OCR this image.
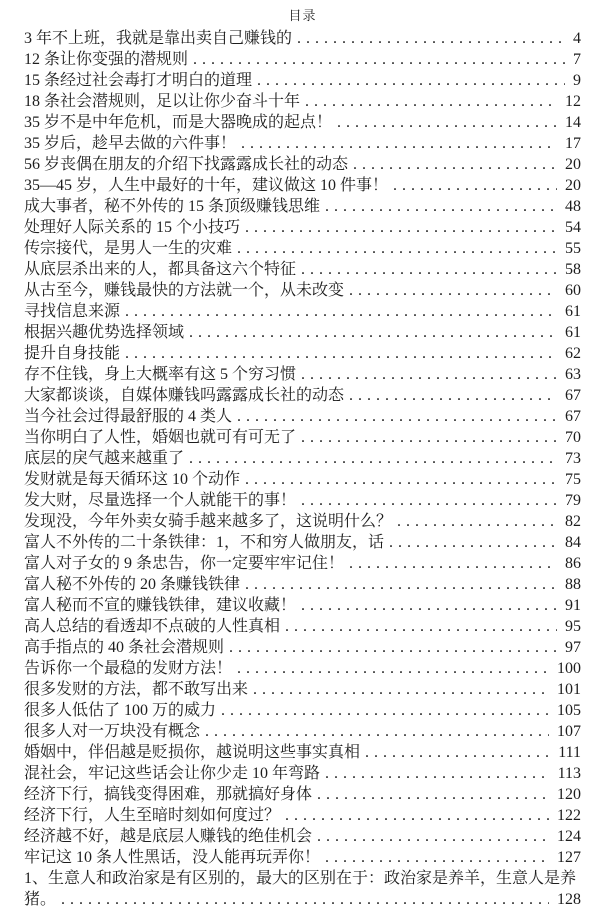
目录

3 年不上班，我就是靠出卖自己赚钱的 . . .	4

12 条让你变强的潜规则 . . .	7

15 条经过社会毒打才明白的道理 . . .	9

18 条社会潜规则，足以让你少奋斗十年 . . .	12

35 岁不是中年危机，而是大器晚成的起点！ . . .	14

35 岁后，趁早去做的六件事！ . . .	17

56 岁丧偶在朋友的介绍下找露露成长社的动态 . . .	20

35—45 岁，人生中最好的十年，建议做这 10 件事！ . . .	20

成大事者，秘不外传的 15 条顶级赚钱思维 . . .	48

处理好人际关系的 15 个小技巧 . . .	54

传宗接代，是男人一生的灾难 . . .	55

从底层杀出来的人，都具备这六个特征 . . .	58

从古至今，赚钱最快的方法就一个，从未改变 . . .	60

寻找信息来源 . . .	61

根据兴趣优势选择领域 . . .	61

提升自身技能 . . .	62

存不住钱，身上大概率有这 5 个穷习惯 . . .	63

大家都谈谈，自媒体赚钱吗露露成长社的动态 . . .	67

当今社会过得最舒服的 4 类人 . . .	67

当你明白了人性，婚姻也就可有可无了 . . .	70

底层的戾气越来越重了 . . .	73

发财就是每天循环这 10 个动作 . . .	75

发大财，尽量选择一个人就能干的事！ . . .	79

发现没，今年外卖女骑手越来越多了，这说明什么？ . . .	82

富人不外传的二十条铁律：1，不和穷人做朋友，话 . . .	84

富人对子女的 9 条忠告，你一定要牢牢记住！ . . .	86

富人秘不外传的 20 条赚钱铁律 . . .	88

富人秘而不宣的赚钱铁律，建议收藏！ . . .	91

高人总结的看透却不点破的人性真相 . . .	95

高手指点的 40 条社会潜规则 . . .	97

告诉你一个最稳的发财方法！ . . .	100

很多发财的方法，都不敢写出来 . . .	101

很多人低估了 100 万的威力 . . .	105

很多人对一万块没有概念 . . .	107

婚姻中，伴侣越是贬损你，越说明这些事实真相 . . .	111

混社会，牢记这些话会让你少走 10 年弯路 . . .	113

经济下行，搞钱变得困难，那就搞好身体 . . .	120

经济下行，人生至暗时刻如何度过？ . . .	122

经济越不好，越是底层人赚钱的绝佳机会 . . .	124

牢记这 10 条人性黑话，没人能再玩弄你！ . . .	127

1、生意人和政治家是有区别的，最大的区别在于：政治家是养羊，生意人是养猪。 . . .	128
